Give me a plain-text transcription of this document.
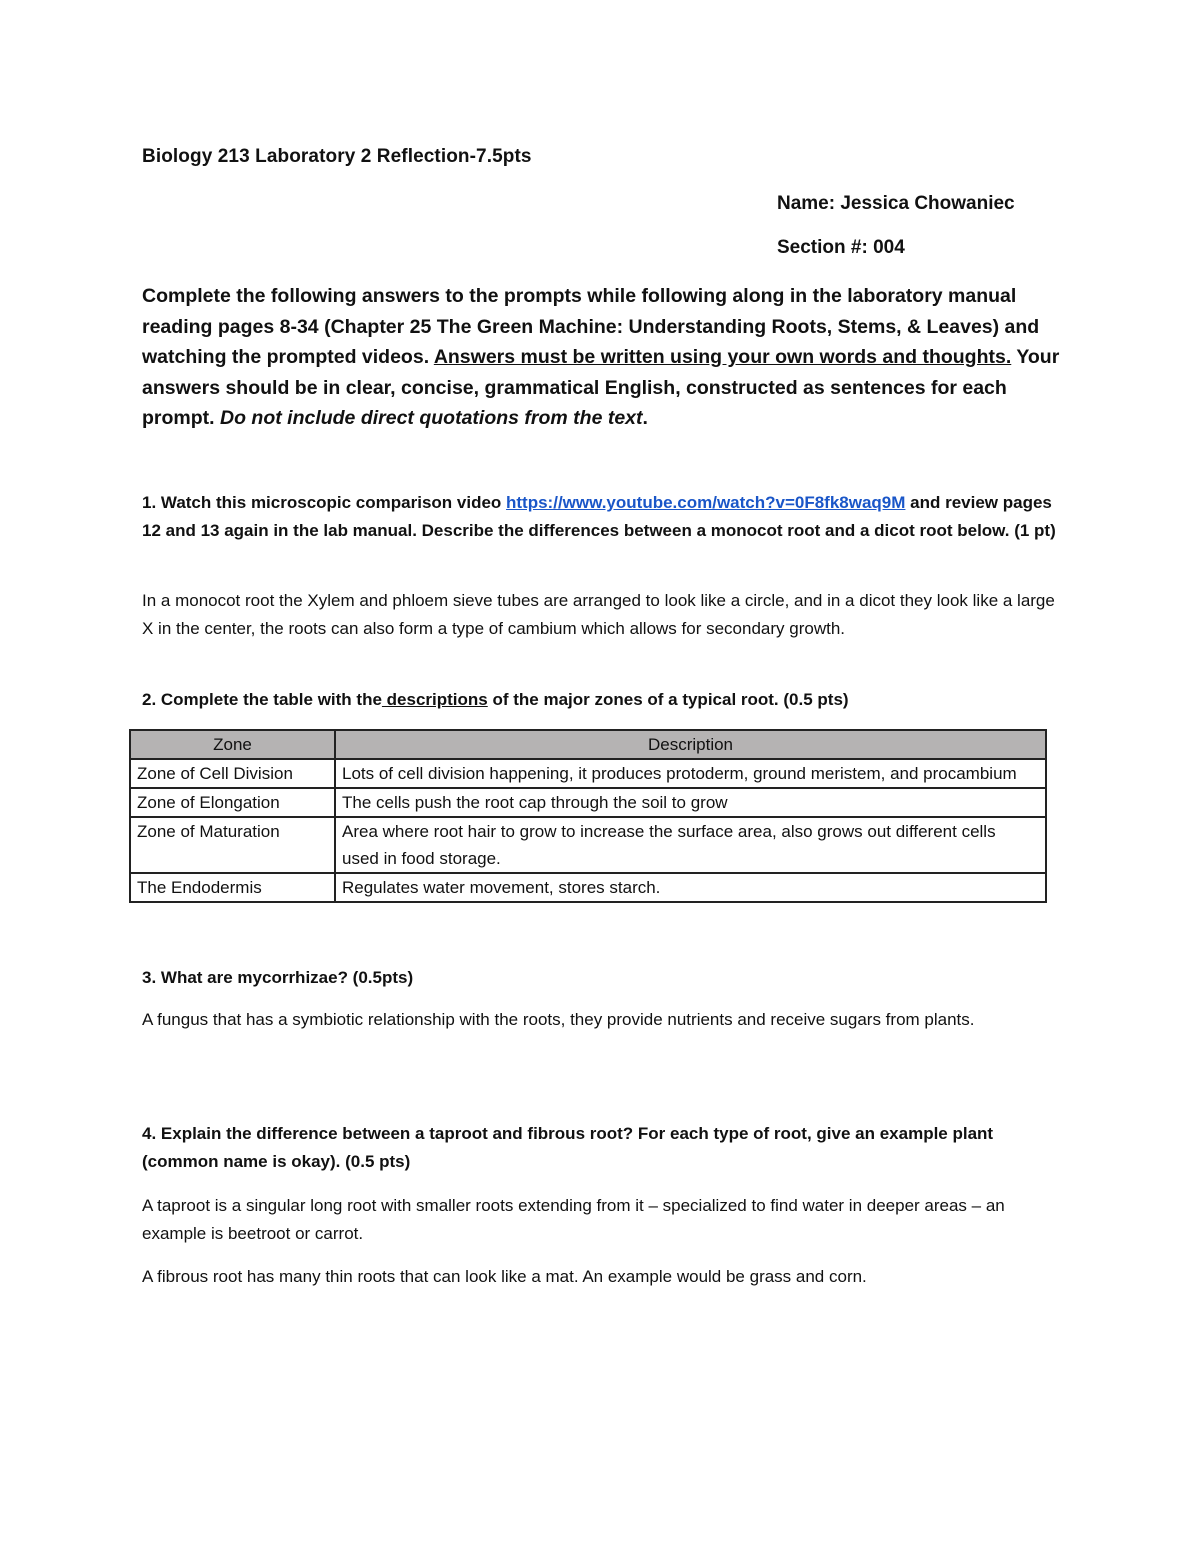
Biology 213 Laboratory 2 Reflection-7.5pts

Name: Jessica Chowaniec

Section #: 004

Complete the following answers to the prompts while following along in the laboratory manual reading pages 8-34 (Chapter 25 The Green Machine: Understanding Roots, Stems, & Leaves) and watching the prompted videos. Answers must be written using your own words and thoughts. Your answers should be in clear, concise, grammatical English, constructed as sentences for each prompt. Do not include direct quotations from the text.

1. Watch this microscopic comparison video https://www.youtube.com/watch?v=0F8fk8waq9M and review pages 12 and 13 again in the lab manual. Describe the differences between a monocot root and a dicot root below. (1 pt)

In a monocot root the Xylem and phloem sieve tubes are arranged to look like a circle, and in a dicot they look like a large X in the center, the roots can also form a type of cambium which allows for secondary growth.

2. Complete the table with the descriptions of the major zones of a typical root. (0.5 pts)

Zone	Description
Zone of Cell Division	Lots of cell division happening, it produces protoderm, ground meristem, and procambium
Zone of Elongation	The cells push the root cap through the soil to grow
Zone of Maturation	Area where root hair to grow to increase the surface area, also grows out different cells used in food storage.
The Endodermis	Regulates water movement, stores starch.

3. What are mycorrhizae? (0.5pts)

A fungus that has a symbiotic relationship with the roots, they provide nutrients and receive sugars from plants.

4. Explain the difference between a taproot and fibrous root? For each type of root, give an example plant (common name is okay). (0.5 pts)

A taproot is a singular long root with smaller roots extending from it – specialized to find water in deeper areas – an example is beetroot or carrot.

A fibrous root has many thin roots that can look like a mat. An example would be grass and corn.
